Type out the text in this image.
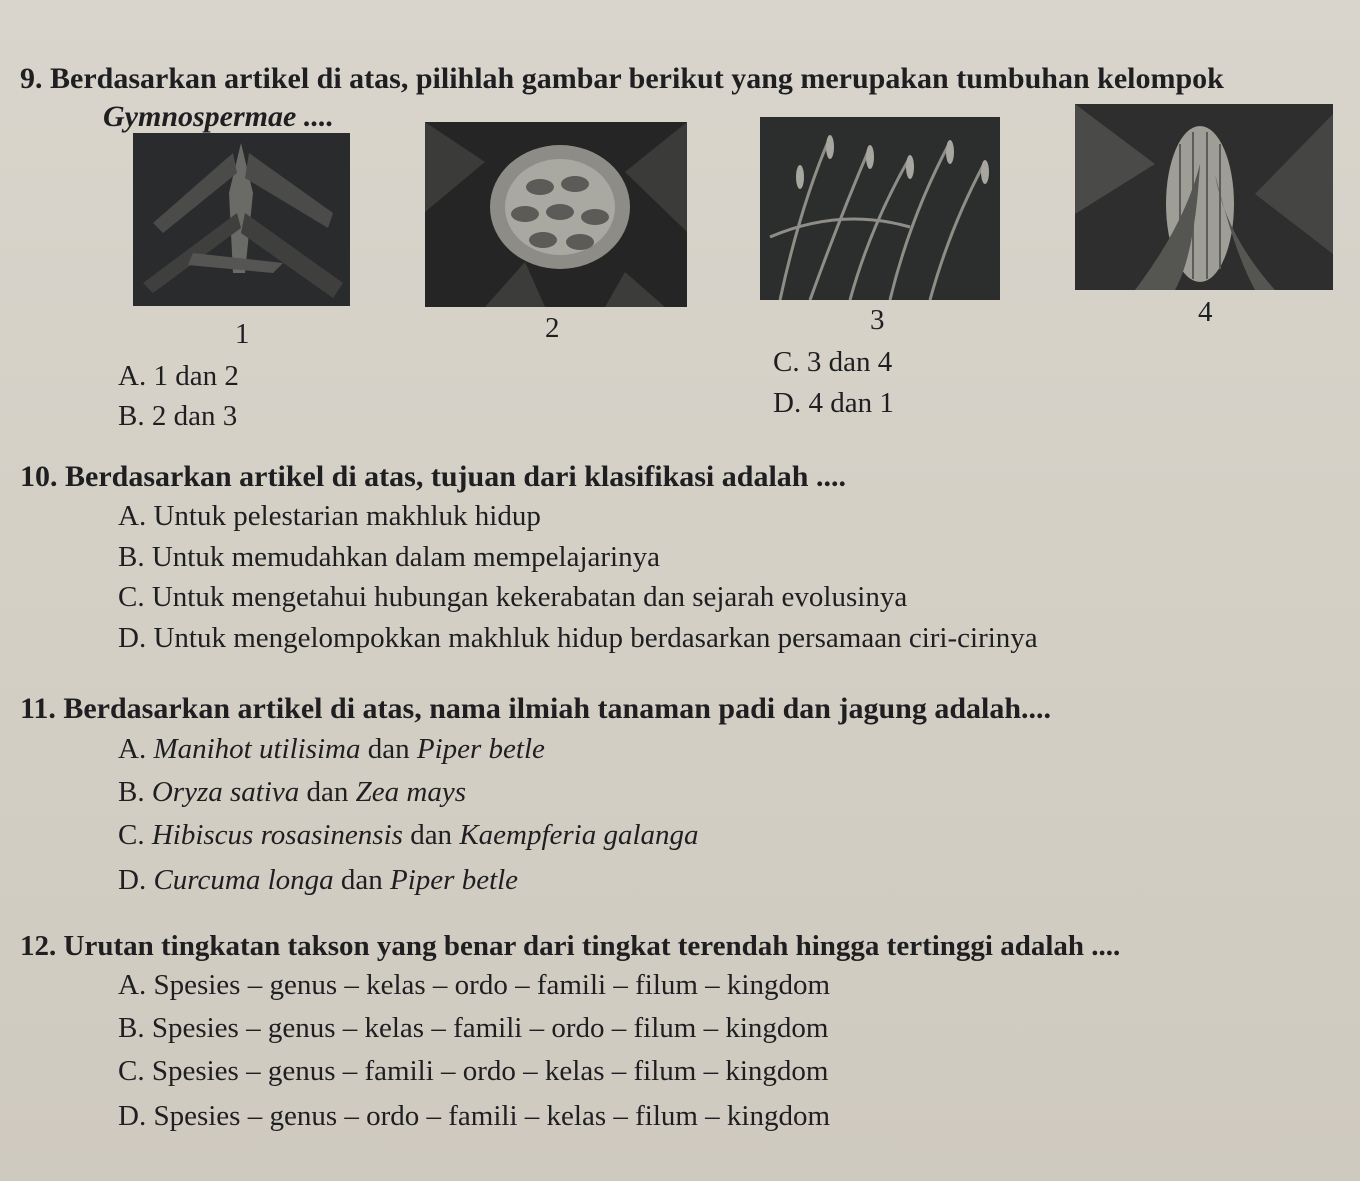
9. Berdasarkan artikel di atas, pilihlah gambar berikut yang merupakan tumbuhan kelompok
Gymnospermae ....
1	2	3	4
A. 1 dan 2
B. 2 dan 3
C. 3 dan 4
D. 4 dan 1
10. Berdasarkan artikel di atas, tujuan dari klasifikasi adalah ....
A. Untuk pelestarian makhluk hidup
B. Untuk memudahkan dalam mempelajarinya
C. Untuk mengetahui hubungan kekerabatan dan sejarah evolusinya
D. Untuk mengelompokkan makhluk hidup berdasarkan persamaan ciri-cirinya
11. Berdasarkan artikel di atas, nama ilmiah tanaman padi dan jagung adalah....
A. Manihot utilisima dan Piper betle
B. Oryza sativa dan Zea mays
C. Hibiscus rosasinensis dan Kaempferia galanga
D. Curcuma longa dan Piper betle
12. Urutan tingkatan takson yang benar dari tingkat terendah hingga tertinggi adalah ....
A. Spesies – genus – kelas – ordo – famili – filum – kingdom
B. Spesies – genus – kelas – famili – ordo – filum – kingdom
C. Spesies – genus – famili – ordo – kelas – filum – kingdom
D. Spesies – genus – ordo – famili – kelas – filum – kingdom
